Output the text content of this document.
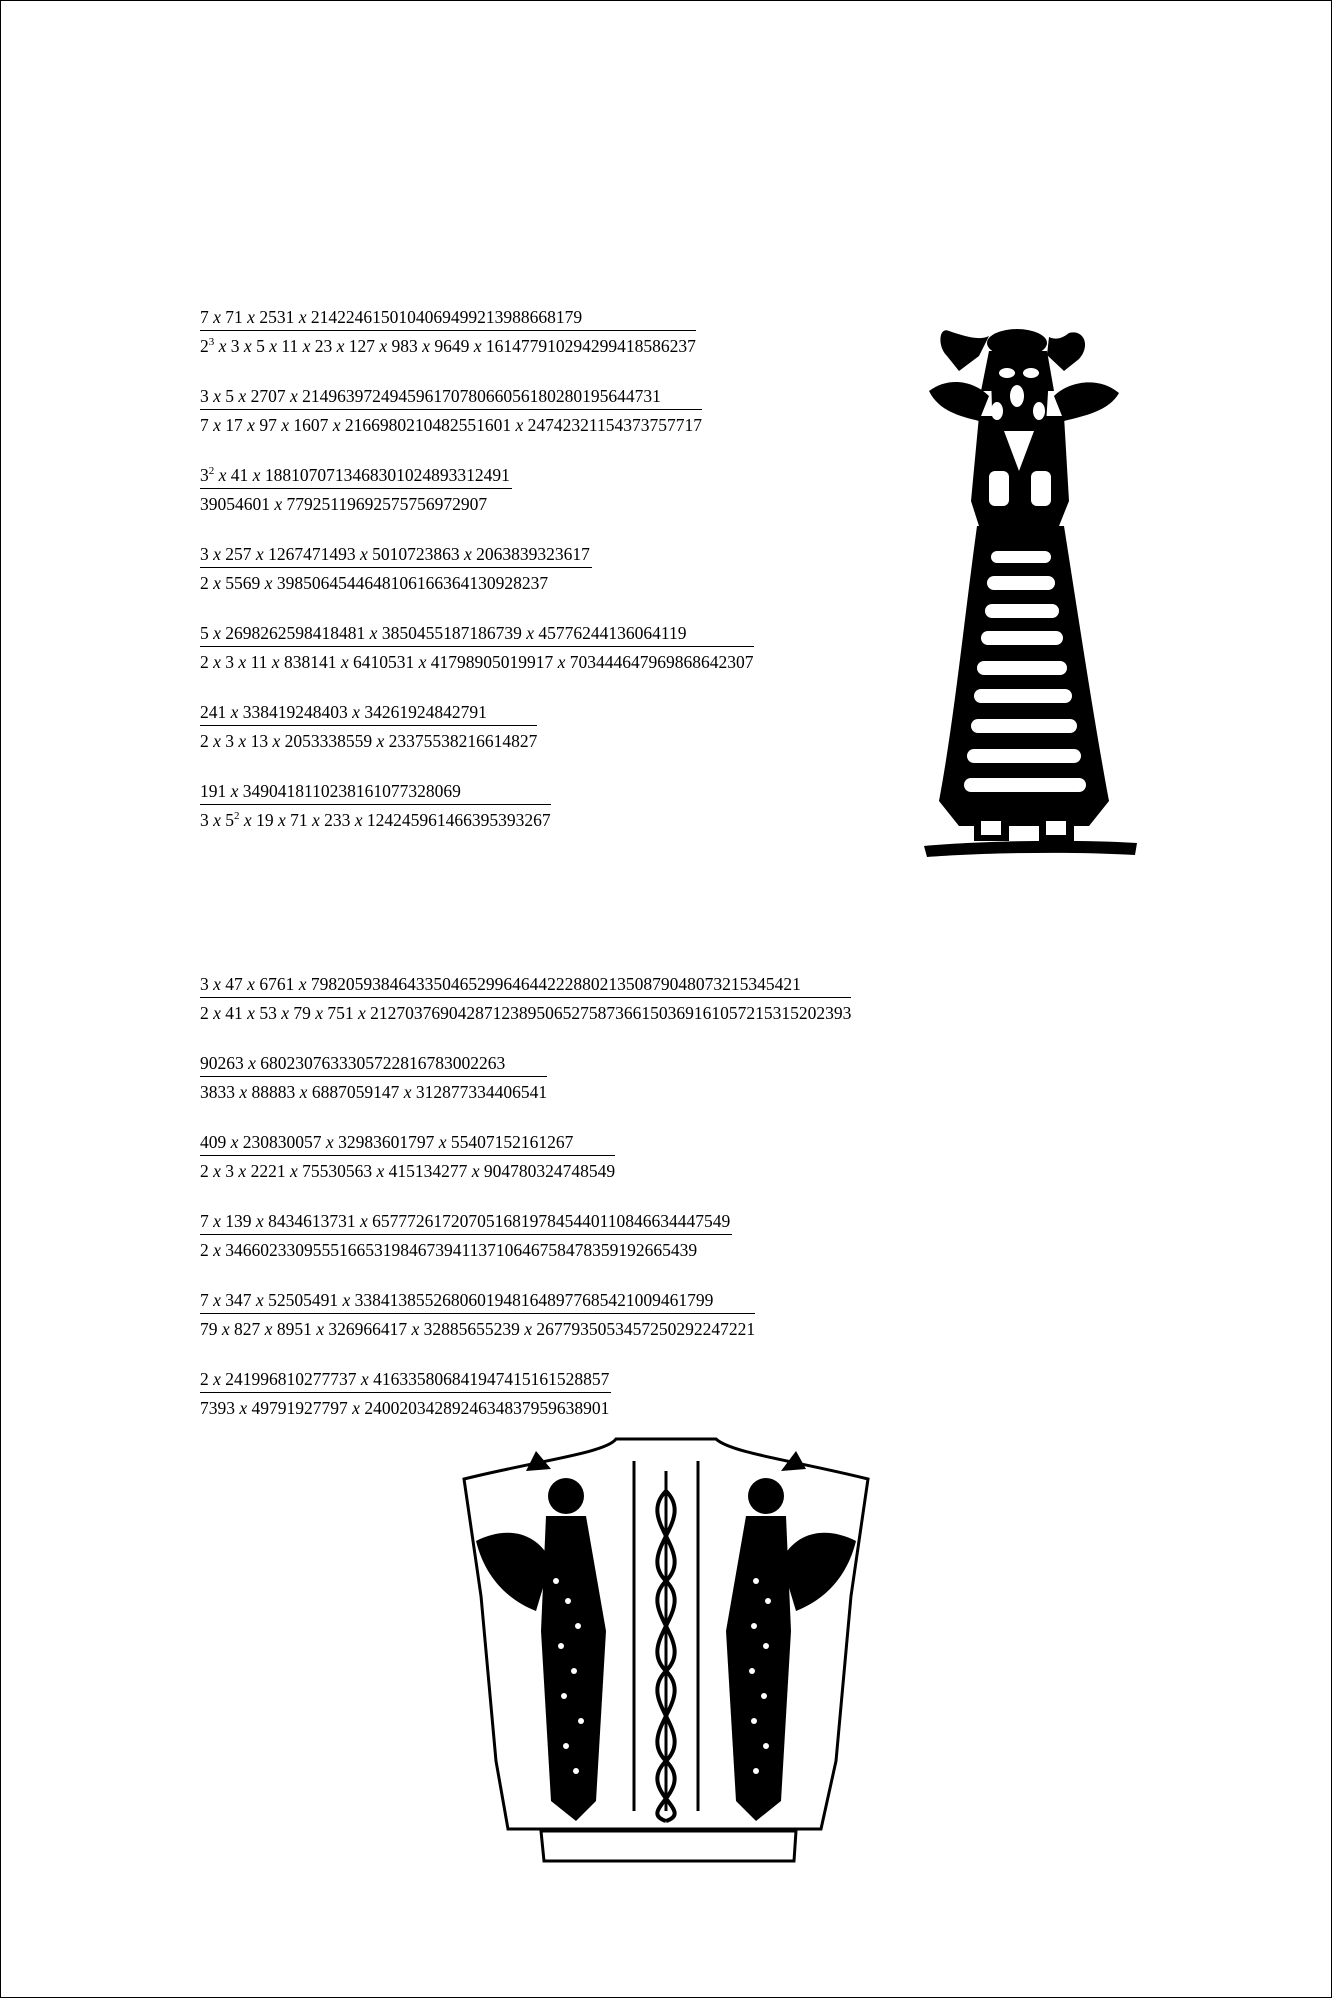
7 x 71 x 2531 x 2142246150104069499213988668179
$2^3$ x 3 x 5 x 11 x 23 x 127 x 983 x 9649 x 161477910294299418586237
3 x 5 x 2707 x 21496397249459617078066056180280195644731
7 x 17 x 97 x 1607 x 2166980210482551601 x 24742321154373757717
$\frac{3^2 x 41 x 1881070713468301024893312491}{39054601 x 77925119692575756972907}$
$\frac{3 x 257 x 1267471493 x 5010723863 x 2063839323617}{2 x 5569 x 3985064544648106166364130928237}$
5 x 2698262598418481 x 3850455187186739 x 45776244136064119
2 x 3 x 11 x 838141 x 6410531 x 41798905019917 x 703444647969868642307
$\frac{241 x 338419248403 x 34261924842791}{2 x 3 x 13 x 2053338559 x 23375538216614827}$
$\frac{191 x 3490418110238161077328069}{3 x 5^2 x 19 x 71 x 233 x 124245961466395393267}$
3 x 47 x 6761 x 79820593846433504652996464422288021350879048073215345421
2 x 41 x 53 x 79 x 751 x 2127037690428712389506527587366150369161057215315202393
$\frac{90263 x 6802307633305722816783002263}{3833 x 88883 x 6887059147 x 312877334406541}$
$\frac{409 x 230830057 x 32983601797 x 55407152161267}{2 x 3 x 2221 x 75530563 x 415134277 x 904780324748549}$
7 x 139 x 8434613731 x 65777261720705168197845440110846634447549
2 x 346602330955516653198467394113710646758478359192665439
7 x 347 x 52505491 x 33841385526806019481648977685421009461799
79 x 827 x 8951 x 326966417 x 32885655239 x 2677935053457250292247221
$\frac{2 x 241996810277737 x 416335806841947415161528857}{7393 x 49791927797 x 2400203428924634837959638901}$
